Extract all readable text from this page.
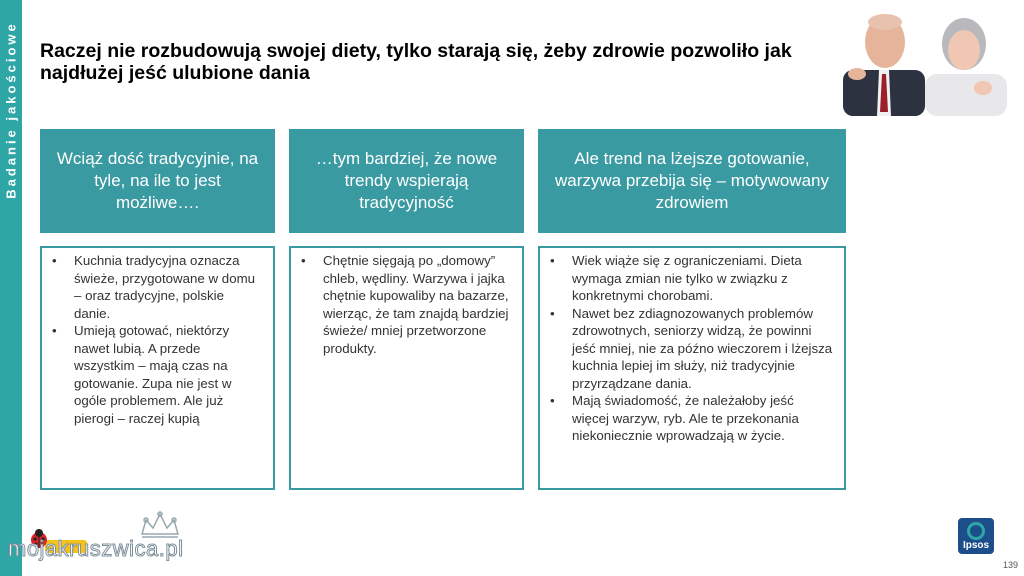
Badanie jakościowe Raczej nie rozbudowują swojej diety, tylko starają się, żeby zdrowie pozwoliło jak najdłużej jeść ulubione dania
Wciąż dość tradycyjnie, na tyle, na ile to jest możliwe….
• Kuchnia tradycyjna oznacza świeże, przygotowane w domu – oraz tradycyjne, polskie danie.
• Umieją gotować, niektórzy nawet lubią. A przede wszystkim – mają czas na gotowanie. Zupa nie jest w ogóle problemem. Ale już pierogi – raczej kupią
…tym bardziej, że nowe trendy wspierają tradycyjność
• Chętnie sięgają po „domowy” chleb, wędliny. Warzywa i jajka chętnie kupowaliby na bazarze, wierząc, że tam znajdą bardziej świeże/ mniej przetworzone produkty.
Ale trend na lżejsze gotowanie, warzywa przebija się – motywowany zdrowiem
• Wiek wiąże się z ograniczeniami. Dieta wymaga zmian nie tylko w związku z konkretnymi chorobami.
• Nawet bez zdiagnozowanych problemów zdrowotnych, seniorzy widzą, że powinni jeść mniej, nie za późno wieczorem i lżejsza kuchnia lepiej im służy, niż tradycyjnie przyrządzane dania.
• Mają świadomość, że należałoby jeść więcej warzyw, ryb. Ale te przekonania niekoniecznie wprowadzają w życie.
mojakruszwica.pl	Ipsos
139
